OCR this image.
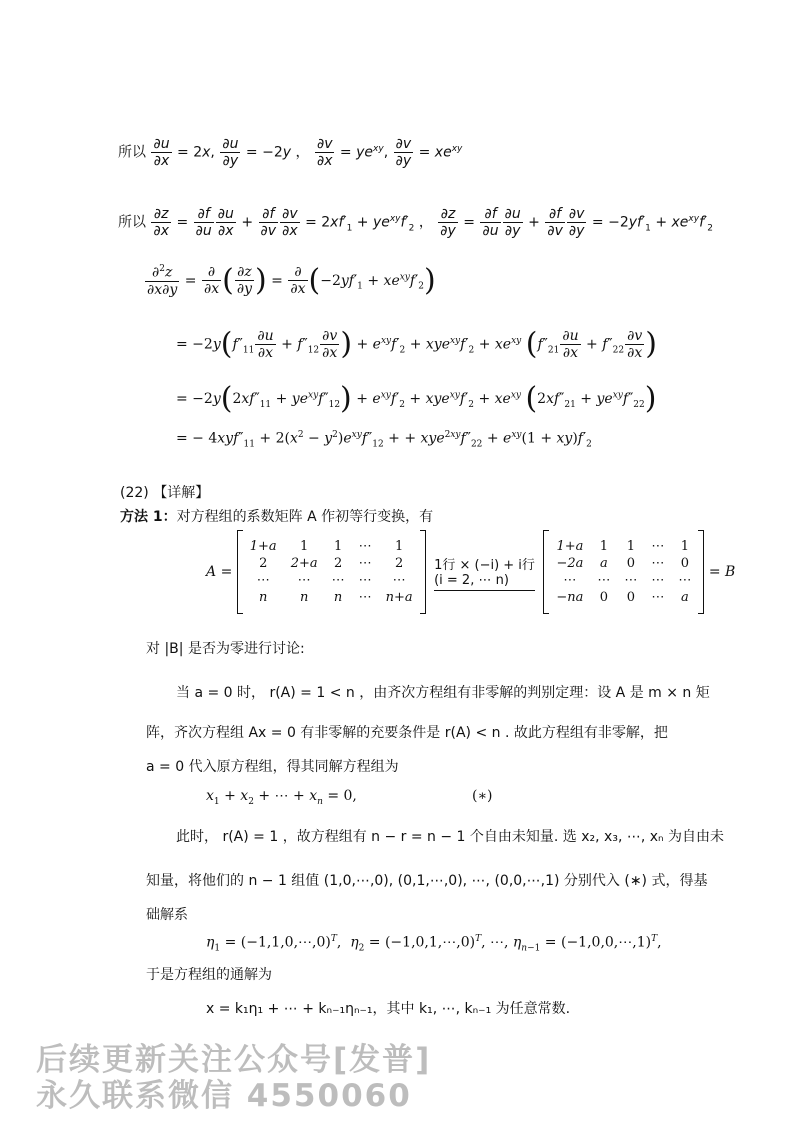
所以 $\frac{\partial u}{\partial x} = 2x$, $\frac{\partial u}{\partial y} = -2y$ ， $\frac{\partial v}{\partial x} = ye^{xy}$, $\frac{\partial v}{\partial y} = xe^{xy}$
所以 $\frac{\partial z}{\partial x} = \frac{\partial f}{\partial u} \frac{\partial u}{\partial x} + \frac{\partial f}{\partial v} \frac{\partial v}{\partial x} = 2xf'_1 + ye^{xy}f'_2$ ， $\frac{\partial z}{\partial y} = \frac{\partial f}{\partial u} \frac{\partial u}{\partial y} + \frac{\partial f}{\partial v} \frac{\partial v}{\partial y} = -2yf'_1 + xe^{xy}f'_2$
$\frac{\partial^2z}{\partial x\partial y}$ =
∂
∂x ( $\frac{\partial z}{\partial y}$ ) =
∂
∂x $(-2yf'_1 + xe^{xy}f'_2)$
= $-2y(f''_{11} \frac{\partial u}{\partial x} + f''_{12} \frac{\partial v}{\partial x}$ ) + $e^{xy}f'_2 + xye^{xy}f'_2 + xe^{xy}$ ($f''_{21} \frac{\partial u}{\partial x} + f''_{22} \frac{\partial v}{\partial x}$ )
= $-2y(2xf''_{11} + ye^{xy}f''_{12}) + e^{xy}f'_2 + xye^{xy}f'_2 + xe^{xy}$ $(2xf''_{21} + ye^{xy}f''_{22})$
= − $4xyf''_{11} + 2(x^2 - y^2)e^{xy}f''_{12}$ + + $xye^{2xy}f''_{22} + e^{xy}(1 + xy)f'_2$
(22) 【详解】
方法 1：对方程组的系数矩阵 A 作初等行变换，有
A = 1+a	1	1	⋯	1
2	2+a	2	⋯	2
⋯	⋯	⋯	⋯	⋯
n	n	n	⋯	n+a
1行 × (−i) + i行
(i = 2, ⋯ n)
1+a	1	1	⋯	1
−2a	a	0	⋯	0
⋯	⋯	⋯	⋯	⋯
−na	0	0	⋯	a = B
对 |B| 是否为零进行讨论:
当 a = 0 时， r(A) = 1 < n ，由齐次方程组有非零解的判别定理：设 A 是 m × n 矩
阵，齐次方程组 Ax = 0 有非零解的充要条件是 r(A) < n . 故此方程组有非零解，把
a = 0 代入原方程组，得其同解方程组为
$x_1 + x_2$ + ⋯ + $x_n = 0$,	(∗)
此时， r(A) = 1 ，故方程组有 n − r = n − 1 个自由未知量. 选 x₂, x₃, ⋯, xₙ 为自由未
知量，将他们的 n − 1 组值 (1,0,⋯,0), (0,1,⋯,0), ⋯, (0,0,⋯,1) 分别代入 (∗) 式，得基
础解系
$\eta_1$ = (−1,1,0,⋯,0)$^T$,  $\eta_2$ = (−1,0,1,⋯,0)$^T$, ⋯, $\eta_{n-1}$ = (−1,0,0,⋯,1)$^T$,
于是方程组的通解为
x = k₁η₁ + ⋯ + kₙ₋₁ηₙ₋₁，其中 k₁, ⋯, kₙ₋₁ 为任意常数.
后续更新关注公众号[发普]
永久联系微信 4550060
